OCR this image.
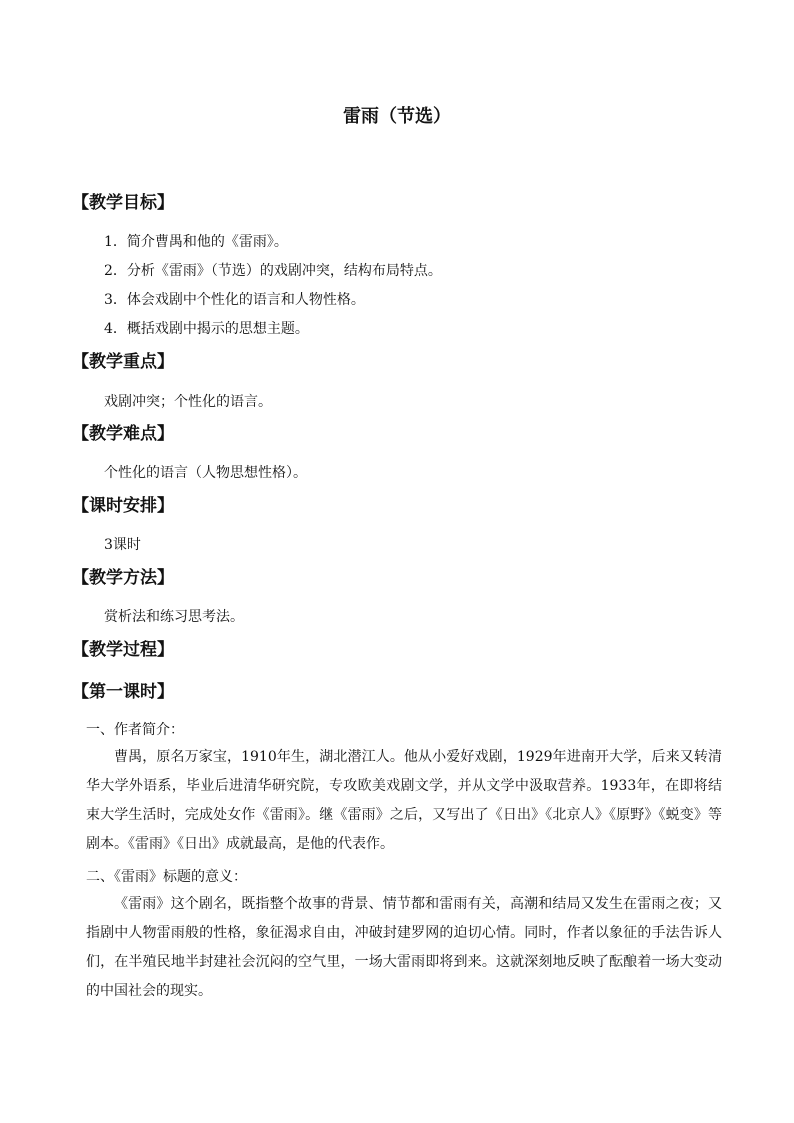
雷雨（节选）
【教学目标】
1．简介曹禺和他的《雷雨》。
2．分析《雷雨》（节选）的戏剧冲突，结构布局特点。
3．体会戏剧中个性化的语言和人物性格。
4．概括戏剧中揭示的思想主题。
【教学重点】
戏剧冲突；个性化的语言。
【教学难点】
个性化的语言（人物思想性格）。
【课时安排】
3课时
【教学方法】
赏析法和练习思考法。
【教学过程】
【第一课时】
一、作者简介：
曹禺，原名万家宝，1910年生，湖北潜江人。他从小爱好戏剧，1929年进南开大学，后来又转清华大学外语系，毕业后进清华研究院，专攻欧美戏剧文学，并从文学中汲取营养。1933年，在即将结束大学生活时，完成处女作《雷雨》。继《雷雨》之后，又写出了《日出》《北京人》《原野》《蜕变》等剧本。《雷雨》《日出》成就最高，是他的代表作。
二、《雷雨》标题的意义：
《雷雨》这个剧名，既指整个故事的背景、情节都和雷雨有关，高潮和结局又发生在雷雨之夜；又指剧中人物雷雨般的性格，象征渴求自由，冲破封建罗网的迫切心情。同时，作者以象征的手法告诉人们，在半殖民地半封建社会沉闷的空气里，一场大雷雨即将到来。这就深刻地反映了酝酿着一场大变动的中国社会的现实。
